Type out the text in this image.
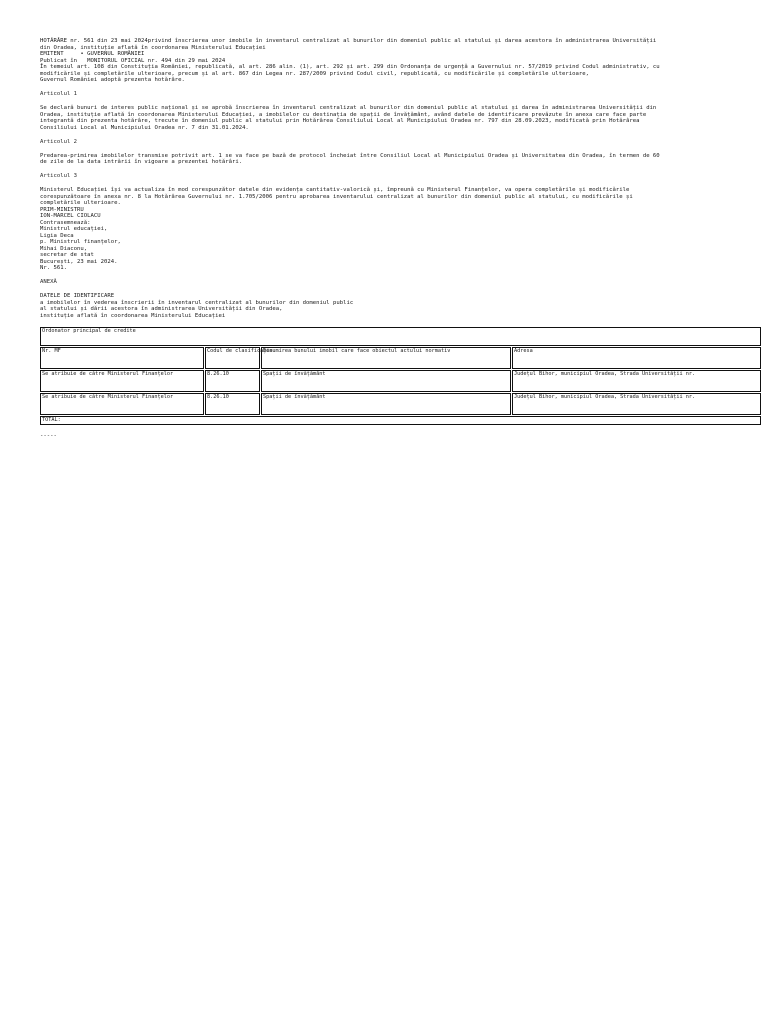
HOTĂRÂRE nr. 561 din 23 mai 2024privind înscrierea unor imobile în inventarul centralizat al bunurilor din domeniul public al statului și darea acestora în administrarea Universității
din Oradea, instituție aflată în coordonarea Ministerului Educației
EMITENT     • GUVERNUL ROMÂNIEI
Publicat în   MONITORUL OFICIAL nr. 494 din 29 mai 2024
În temeiul art. 108 din Constituția României, republicată, al art. 286 alin. (1), art. 292 și art. 299 din Ordonanța de urgență a Guvernului nr. 57/2019 privind Codul administrativ, cu
modificările și completările ulterioare, precum și al art. 867 din Legea nr. 287/2009 privind Codul civil, republicată, cu modificările și completările ulterioare,
Guvernul României adoptă prezenta hotărâre.
Articolul 1
Se declară bunuri de interes public național și se aprobă înscrierea în inventarul centralizat al bunurilor din domeniul public al statului și darea în administrarea Universității din
Oradea, instituție aflată în coordonarea Ministerului Educației, a imobilelor cu destinația de spații de învățământ, având datele de identificare prevăzute în anexa care face parte
integrantă din prezenta hotărâre, trecute în domeniul public al statului prin Hotărârea Consiliului Local al Municipiului Oradea nr. 797 din 28.09.2023, modificată prin Hotărârea
Consiliului Local al Municipiului Oradea nr. 7 din 31.01.2024.
Articolul 2
Predarea-primirea imobilelor transmise potrivit art. 1 se va face pe bază de protocol încheiat între Consiliul Local al Municipiului Oradea și Universitatea din Oradea, în termen de 60
de zile de la data intrării în vigoare a prezentei hotărâri.
Articolul 3
Ministerul Educației își va actualiza în mod corespunzător datele din evidența cantitativ-valorică și, împreună cu Ministerul Finanțelor, va opera completările și modificările
corespunzătoare în anexa nr. 8 la Hotărârea Guvernului nr. 1.705/2006 pentru aprobarea inventarului centralizat al bunurilor din domeniul public al statului, cu modificările și
completările ulterioare.
PRIM-MINISTRU
ION-MARCEL CIOLACU
Contrasemnează:
Ministrul educației,
Ligia Deca
p. Ministrul finanțelor,
Mihai Diaconu,
secretar de stat
București, 23 mai 2024.
Nr. 561.
ANEXĂ
DATELE DE IDENTIFICARE
a imobilelor în vederea înscrierii în inventarul centralizat al bunurilor din domeniul public
al statului și dării acestora în administrarea Universității din Oradea,
instituție aflată în coordonarea Ministerului Educației
Ordonator principal de credite			
Nr. MF	Codul de clasificație	Denumirea bunului imobil care face obiectul actului normativ	Adresa
Se atribuie de către Ministerul Finanțelor	8.26.10	Spații de învățământ	Județul Bihor, municipiul Oradea, Strada Universității nr.
Se atribuie de către Ministerul Finanțelor	8.26.10	Spații de învățământ	Județul Bihor, municipiul Oradea, Strada Universității nr.
TOTAL:			
-----
